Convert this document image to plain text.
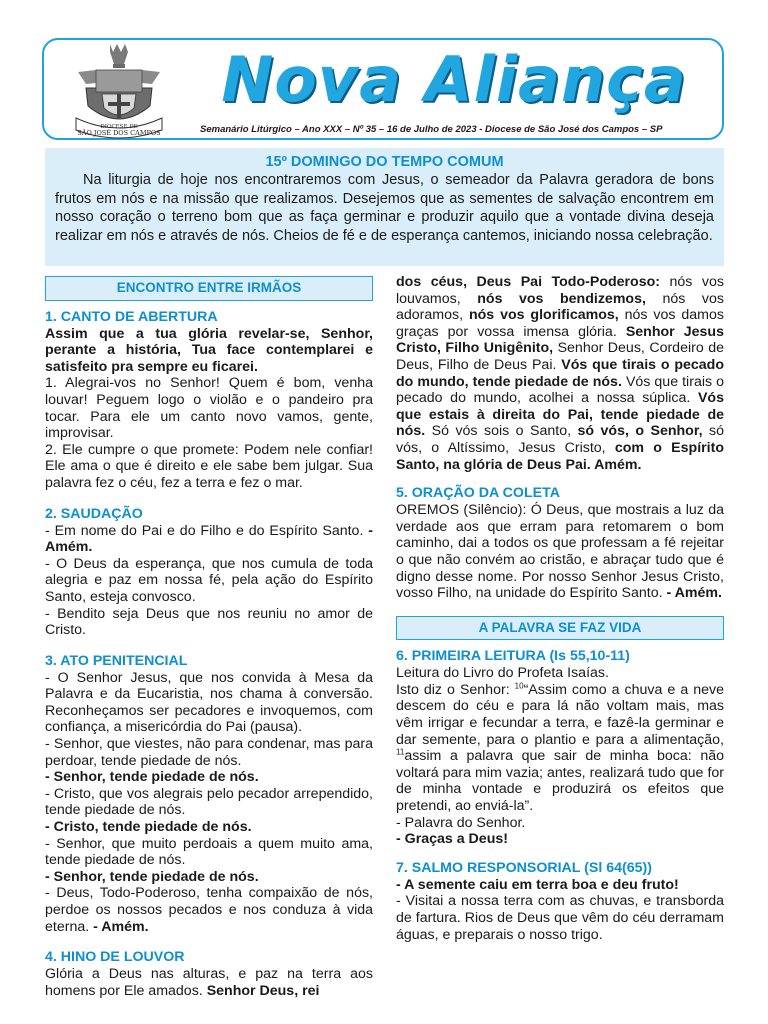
DIOCESE DE
SÃO JOSÉ DOS CAMPOS
Nova Aliança
Semanário Litúrgico – Ano XXX – Nº 35 – 16 de Julho de 2023 - Diocese de São José dos Campos – SP
15º DOMINGO DO TEMPO COMUM

Na liturgia de hoje nos encontraremos com Jesus, o semeador da Palavra geradora de bons frutos em nós e na missão que realizamos. Desejemos que as sementes de salvação encontrem em nosso coração o terreno bom que as faça germinar e produzir aquilo que a vontade divina deseja realizar em nós e através de nós. Cheios de fé e de esperança cantemos, iniciando nossa celebração.

ENCONTRO ENTRE IRMÃOS
1. CANTO DE ABERTURA

Assim que a tua glória revelar-se, Senhor, perante a história, Tua face contemplarei e satisfeito pra sempre eu ficarei.

1. Alegrai-vos no Senhor! Quem é bom, venha louvar! Peguem logo o violão e o pandeiro pra tocar. Para ele um canto novo vamos, gente, improvisar.

2. Ele cumpre o que promete: Podem nele confiar! Ele ama o que é direito e ele sabe bem julgar. Sua palavra fez o céu, fez a terra e fez o mar.

2. SAUDAÇÃO

- Em nome do Pai e do Filho e do Espírito Santo. - Amém.

- O Deus da esperança, que nos cumula de toda alegria e paz em nossa fé, pela ação do Espírito Santo, esteja convosco.

- Bendito seja Deus que nos reuniu no amor de Cristo.

3. ATO PENITENCIAL

- O Senhor Jesus, que nos convida à Mesa da Palavra e da Eucaristia, nos chama à conversão. Reconheçamos ser pecadores e invoquemos, com confiança, a misericórdia do Pai (pausa).

- Senhor, que viestes, não para condenar, mas para perdoar, tende piedade de nós.

- Senhor, tende piedade de nós.

- Cristo, que vos alegrais pelo pecador arrependido, tende piedade de nós.

- Cristo, tende piedade de nós.

- Senhor, que muito perdoais a quem muito ama, tende piedade de nós.

- Senhor, tende piedade de nós.

- Deus, Todo-Poderoso, tenha compaixão de nós, perdoe os nossos pecados e nos conduza à vida eterna. - Amém.

4. HINO DE LOUVOR

Glória a Deus nas alturas, e paz na terra aos homens por Ele amados. Senhor Deus, rei

dos céus, Deus Pai Todo-Poderoso: nós vos louvamos, nós vos bendizemos, nós vos adoramos, nós vos glorificamos, nós vos damos graças por vossa imensa glória. Senhor Jesus Cristo, Filho Unigênito, Senhor Deus, Cordeiro de Deus, Filho de Deus Pai. Vós que tirais o pecado do mundo, tende piedade de nós. Vós que tirais o pecado do mundo, acolhei a nossa súplica. Vós que estais à direita do Pai, tende piedade de nós. Só vós sois o Santo, só vós, o Senhor, só vós, o Altíssimo, Jesus Cristo, com o Espírito Santo, na glória de Deus Pai. Amém.

5. ORAÇÃO DA COLETA

OREMOS (Silêncio): Ó Deus, que mostrais a luz da verdade aos que erram para retomarem o bom caminho, dai a todos os que professam a fé rejeitar o que não convém ao cristão, e abraçar tudo que é digno desse nome. Por nosso Senhor Jesus Cristo, vosso Filho, na unidade do Espírito Santo. - Amém.

A PALAVRA SE FAZ VIDA
6. PRIMEIRA LEITURA (Is 55,10-11)

Leitura do Livro do Profeta Isaías.

Isto diz o Senhor: $^{10}$“Assim como a chuva e a neve descem do céu e para lá não voltam mais, mas vêm irrigar e fecundar a terra, e fazê-la germinar e dar semente, para o plantio e para a alimentação, $^{11}$assim a palavra que sair de minha boca: não voltará para mim vazia; antes, realizará tudo que for de minha vontade e produzirá os efeitos que pretendi, ao enviá-la”.

- Palavra do Senhor.

- Graças a Deus!

7. SALMO RESPONSORIAL (Sl 64(65))

- A semente caiu em terra boa e deu fruto!

- Visitai a nossa terra com as chuvas, e transborda de fartura. Rios de Deus que vêm do céu derramam águas, e preparais o nosso trigo.
